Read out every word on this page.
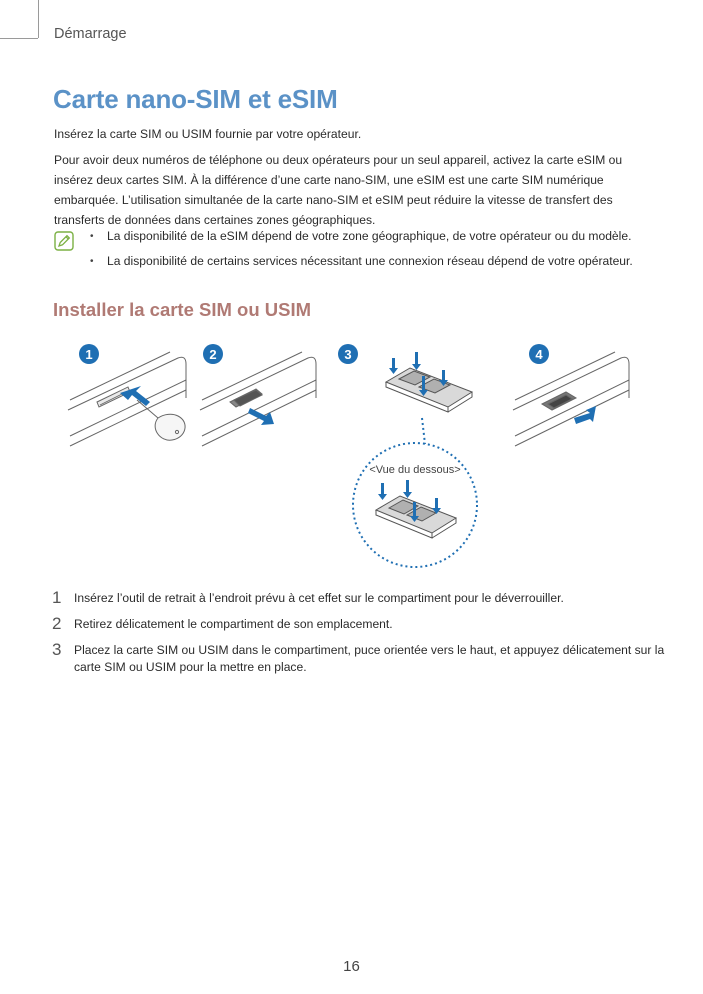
Démarrage
Carte nano-SIM et eSIM

Insérez la carte SIM ou USIM fournie par votre opérateur.

Pour avoir deux numéros de téléphone ou deux opérateurs pour un seul appareil, activez la carte eSIM ou insérez deux cartes SIM. À la différence d’une carte nano-SIM, une eSIM est une carte SIM numérique embarquée. L’utilisation simultanée de la carte nano-SIM et eSIM peut réduire la vitesse de transfert des transferts de données dans certaines zones géographiques.

• La disponibilité de la eSIM dépend de votre zone géographique, de votre opérateur ou du modèle.
• La disponibilité de certains services nécessitant une connexion réseau dépend de votre opérateur.
Installer la carte SIM ou USIM
1	2	3	4
<Vue du dessous>
1 Insérez l’outil de retrait à l’endroit prévu à cet effet sur le compartiment pour le déverrouiller.
2 Retirez délicatement le compartiment de son emplacement.
3 Placez la carte SIM ou USIM dans le compartiment, puce orientée vers le haut, et appuyez délicatement sur la carte SIM ou USIM pour la mettre en place.
16
